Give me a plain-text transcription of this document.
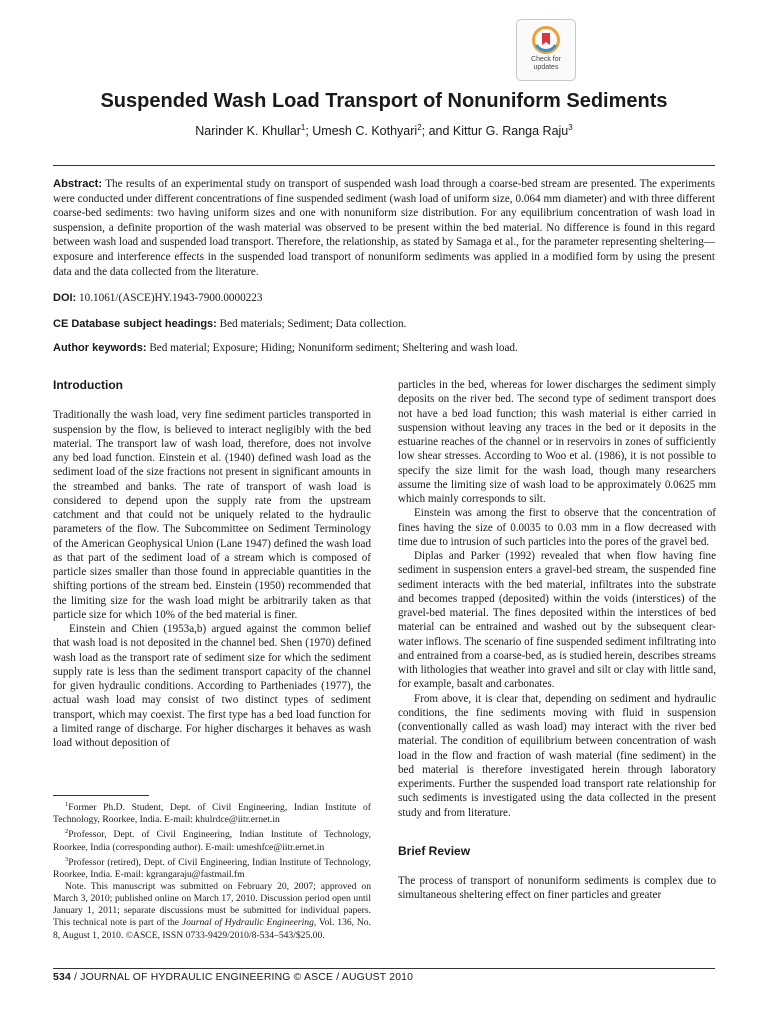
Check for
updates
Suspended Wash Load Transport of Nonuniform Sediments
Narinder K. Khullar$^1$; Umesh C. Kothyari$^2$; and Kittur G. Ranga Raju$^3$

Abstract: The results of an experimental study on transport of suspended wash load through a coarse-bed stream are presented. The experiments were conducted under different concentrations of fine suspended sediment (wash load of uniform size, 0.064 mm diameter) and with three different coarse-bed sediments: two having uniform sizes and one with nonuniform size distribution. For any equilibrium concentration of wash load in suspension, a definite proportion of the wash material was observed to be present within the bed material. No difference is found in this regard between wash load and suspended load transport. Therefore, the relationship, as stated by Samaga et al., for the parameter representing sheltering—exposure and interference effects in the suspended load transport of nonuniform sediments was applied in a modified form by using the present data and the data collected from the literature.

DOI: 10.1061/(ASCE)HY.1943-7900.0000223

CE Database subject headings: Bed materials; Sediment; Data collection.

Author keywords: Bed material; Exposure; Hiding; Nonuniform sediment; Sheltering and wash load.

Introduction

Traditionally the wash load, very fine sediment particles transported in suspension by the flow, is believed to interact negligibly with the bed material. The transport law of wash load, therefore, does not involve any bed load function. Einstein et al. (1940) defined wash load as the sediment load of the size fractions not present in significant amounts in the streambed and banks. The rate of transport of wash load is considered to depend upon the supply rate from the upstream catchment and that could not be uniquely related to the hydraulic parameters of the flow. The Subcommittee on Sediment Terminology of the American Geophysical Union (Lane 1947) defined the wash load as that part of the sediment load of a stream which is composed of particle sizes smaller than those found in appreciable quantities in the shifting portions of the stream bed. Einstein (1950) recommended that the limiting size for the wash load might be arbitrarily taken as that particle size for which 10% of the bed material is finer.

Einstein and Chien (1953a,b) argued against the common belief that wash load is not deposited in the channel bed. Shen (1970) defined wash load as the transport rate of sediment size for which the sediment supply rate is less than the sediment transport capacity of the channel for given hydraulic conditions. According to Partheniades (1977), the actual wash load may consist of two distinct types of sediment transport, which may coexist. The first type has a bed load function for a limited range of discharge. For higher discharges it behaves as wash load without deposition of

particles in the bed, whereas for lower discharges the sediment simply deposits on the river bed. The second type of sediment transport does not have a bed load function; this wash material is either carried in suspension without leaving any traces in the bed or it deposits in the estuarine reaches of the channel or in reservoirs in zones of sufficiently low shear stresses. According to Woo et al. (1986), it is not possible to specify the size limit for the wash load, though many researchers assume the limiting size of wash load to be approximately 0.0625 mm which mainly corresponds to silt.

Einstein was among the first to observe that the concentration of fines having the size of 0.0035 to 0.03 mm in a flow decreased with time due to intrusion of such particles into the pores of the gravel bed.

Diplas and Parker (1992) revealed that when flow having fine sediment in suspension enters a gravel-bed stream, the suspended fine sediment interacts with the bed material, infiltrates into the substrate and becomes trapped (deposited) within the voids (interstices) of the gravel-bed material. The fines deposited within the interstices of bed material can be entrained and washed out by the subsequent clear-water inflows. The scenario of fine suspended sediment infiltrating into and entrained from a coarse-bed, as is studied herein, describes streams with lithologies that weather into gravel and silt or clay with little sand, for example, basalt and carbonates.

From above, it is clear that, depending on sediment and hydraulic conditions, the fine sediments moving with fluid in suspension (conventionally called as wash load) may interact with the river bed material. The condition of equilibrium between concentration of wash load in the flow and fraction of wash material (fine sediment) in the bed material is therefore investigated herein through laboratory experiments. Further the suspended load transport rate relationship for such sediments is investigated using the data collected in the present study and from literature.

Brief Review

The process of transport of nonuniform sediments is complex due to simultaneous sheltering effect on finer particles and greater

$^1$Former Ph.D. Student, Dept. of Civil Engineering, Indian Institute of Technology, Roorkee, India. E-mail: khulrdce@iitr.ernet.in

$^2$Professor, Dept. of Civil Engineering, Indian Institute of Technology, Roorkee, India (corresponding author). E-mail: umeshfce@iitr.ernet.in

$^3$Professor (retired), Dept. of Civil Engineering, Indian Institute of Technology, Roorkee, India. E-mail: kgrangaraju@fastmail.fm

Note. This manuscript was submitted on February 20, 2007; approved on March 3, 2010; published online on March 17, 2010. Discussion period open until January 1, 2011; separate discussions must be submitted for individual papers. This technical note is part of the Journal of Hydraulic Engineering, Vol. 136, No. 8, August 1, 2010. ©ASCE, ISSN 0733-9429/2010/8-534–543/$25.00.

534 / JOURNAL OF HYDRAULIC ENGINEERING © ASCE / AUGUST 2010
